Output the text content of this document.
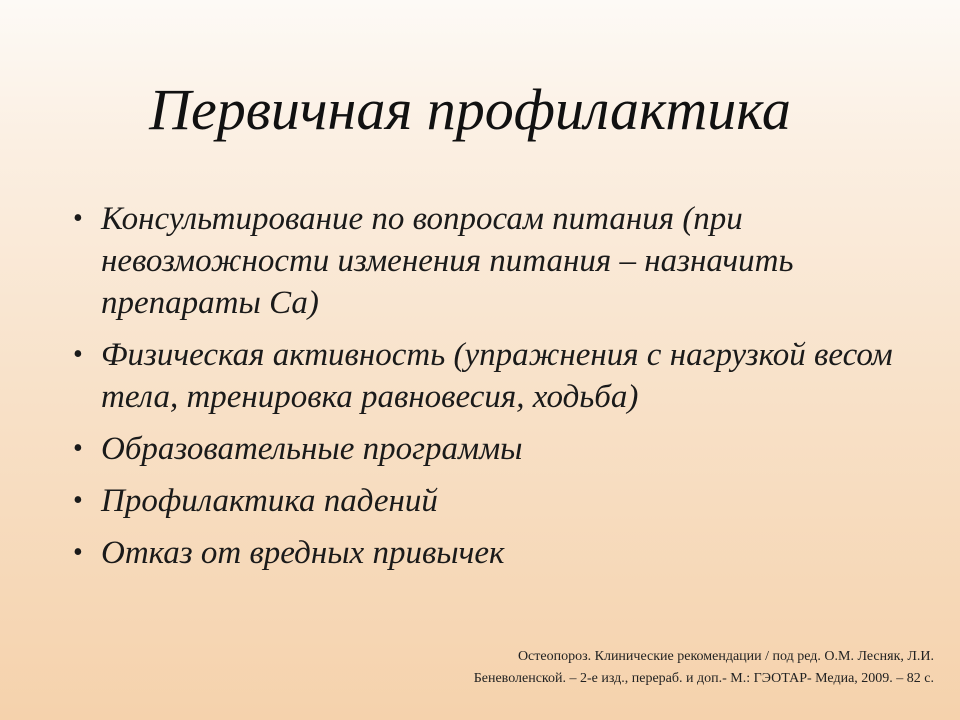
Первичная профилактика
• Консультирование по вопросам питания (при невозможности изменения питания – назначить препараты Са)
• Физическая активность (упражнения с нагрузкой весом тела, тренировка равновесия, ходьба)
• Образовательные программы
• Профилактика падений
• Отказ от вредных привычек
Остеопороз. Клинические рекомендации / под ред. О.М. Лесняк, Л.И.
Беневоленской. – 2-е изд., перераб. и доп.- М.: ГЭОТАР- Медиа, 2009. – 82 с.
